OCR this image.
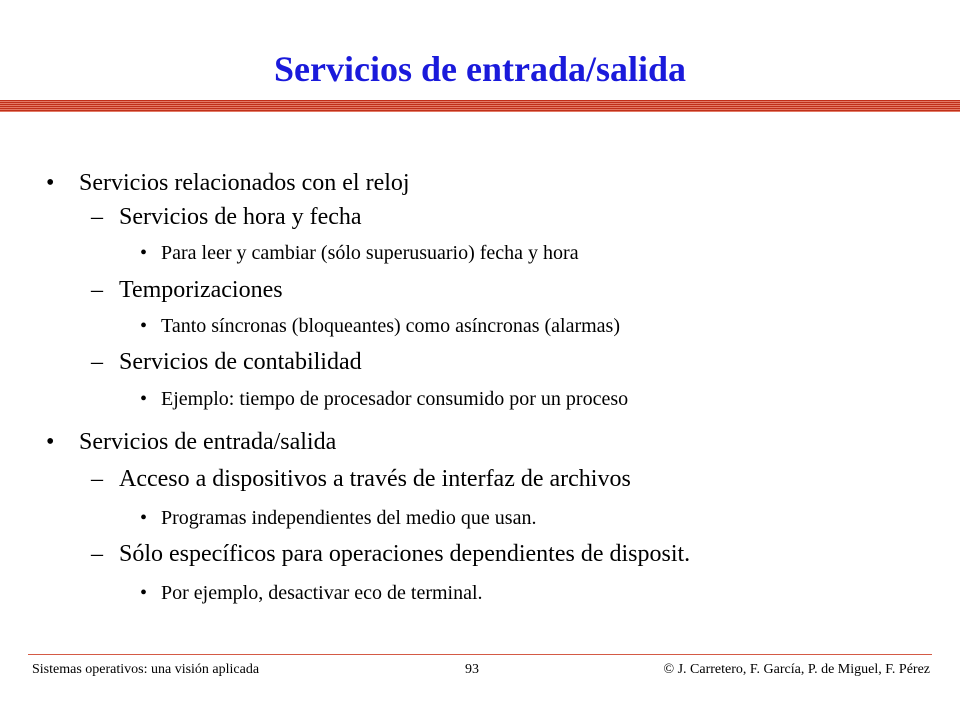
Servicios de entrada/salida
• Servicios relacionados con el reloj
– Servicios de hora y fecha
• Para leer y cambiar (sólo superusuario) fecha y hora
– Temporizaciones
• Tanto síncronas (bloqueantes) como asíncronas (alarmas)
– Servicios de contabilidad
• Ejemplo: tiempo de procesador consumido por un proceso
• Servicios de entrada/salida
– Acceso a dispositivos a través de interfaz de archivos
• Programas independientes del medio que usan.
– Sólo específicos para operaciones dependientes de disposit.
• Por ejemplo, desactivar eco de terminal.
Sistemas operativos: una visión aplicada	93	© J. Carretero, F. García, P. de Miguel, F. Pérez
